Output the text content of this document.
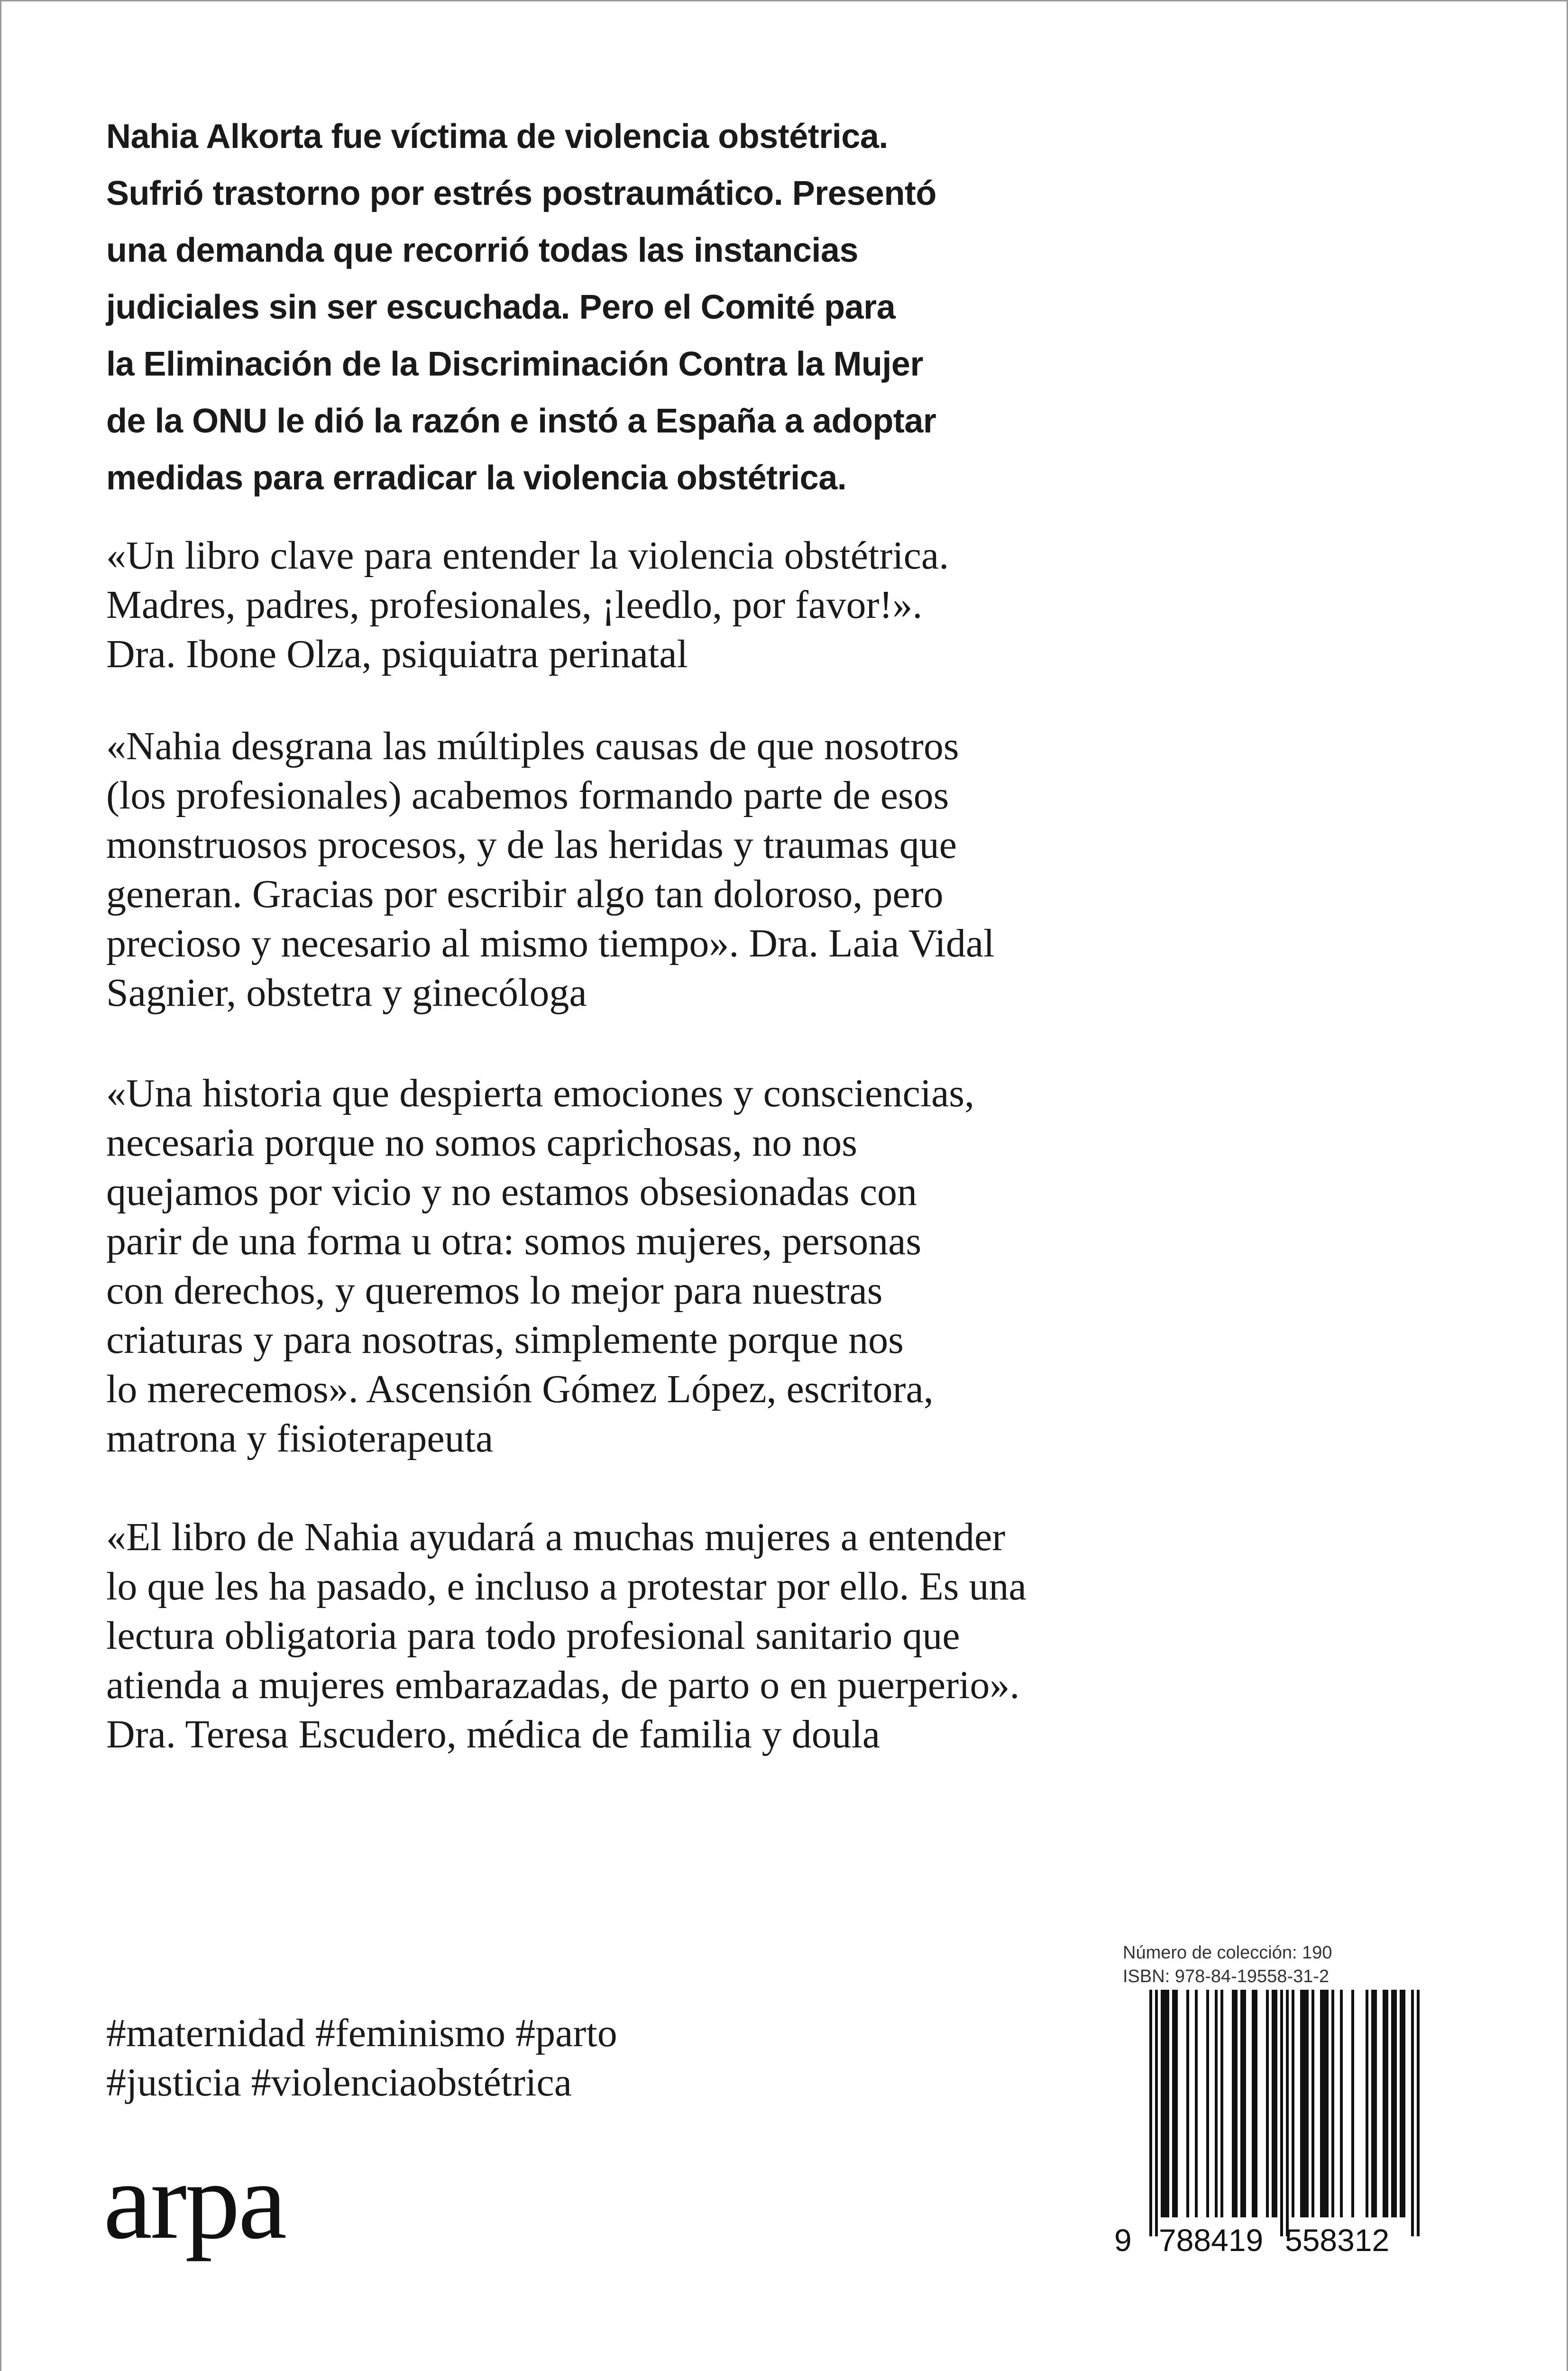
Nahia Alkorta fue víctima de violencia obstétrica.
Sufrió trastorno por estrés postraumático. Presentó
una demanda que recorrió todas las instancias
judiciales sin ser escuchada. Pero el Comité para
la Eliminación de la Discriminación Contra la Mujer
de la ONU le dió la razón e instó a España a adoptar
medidas para erradicar la violencia obstétrica.
«Un libro clave para entender la violencia obstétrica.
Madres, padres, profesionales, ¡leedlo, por favor!».
Dra. Ibone Olza, psiquiatra perinatal
«Nahia desgrana las múltiples causas de que nosotros
(los profesionales) acabemos formando parte de esos
monstruosos procesos, y de las heridas y traumas que
generan. Gracias por escribir algo tan doloroso, pero
precioso y necesario al mismo tiempo». Dra. Laia Vidal
Sagnier, obstetra y ginecóloga
«Una historia que despierta emociones y consciencias,
necesaria porque no somos caprichosas, no nos
quejamos por vicio y no estamos obsesionadas con
parir de una forma u otra: somos mujeres, personas
con derechos, y queremos lo mejor para nuestras
criaturas y para nosotras, simplemente porque nos
lo merecemos». Ascensión Gómez López, escritora,
matrona y fisioterapeuta
«El libro de Nahia ayudará a muchas mujeres a entender
lo que les ha pasado, e incluso a protestar por ello. Es una
lectura obligatoria para todo profesional sanitario que
atienda a mujeres embarazadas, de parto o en puerperio».
Dra. Teresa Escudero, médica de familia y doula
#maternidad #feminismo #parto
#justicia #violenciaobstétrica
arpa
Número de colección: 190
ISBN: 978-84-19558-31-2
9 788419 558312
